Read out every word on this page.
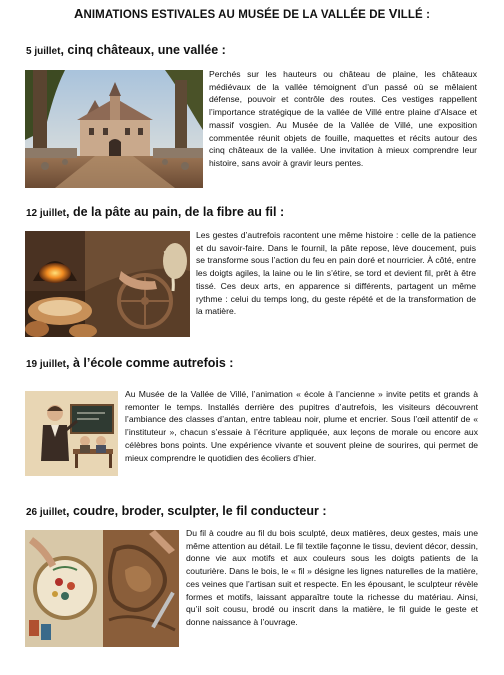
ANIMATIONS ESTIVALES AU MUSÉE DE LA VALLÉE DE VILLÉ :
5 juillet, cinq châteaux, une vallée :

Perchés sur les hauteurs ou château de plaine, les châteaux médiévaux de la vallée témoignent d’un passé où se mêlaient défense, pouvoir et contrôle des routes. Ces vestiges rappellent l’importance stratégique de la vallée de Villé entre plaine d’Alsace et massif vosgien. Au Musée de la Vallée de Villé, une exposition commentée réunit objets de fouille, maquettes et récits autour des cinq châteaux de la vallée. Une invitation à mieux comprendre leur histoire, sans avoir à gravir leurs pentes.

12 juillet, de la pâte au pain, de la fibre au fil :

Les gestes d’autrefois racontent une même histoire : celle de la patience et du savoir-faire. Dans le fournil, la pâte repose, lève doucement, puis se transforme sous l’action du feu en pain doré et nourricier. À côté, entre les doigts agiles, la laine ou le lin s’étire, se tord et devient fil, prêt à être tissé. Ces deux arts, en apparence si différents, partagent un même rythme : celui du temps long, du geste répété et de la transformation de la matière.

19 juillet, à l’école comme autrefois :

Au Musée de la Vallée de Villé, l’animation « école à l’ancienne » invite petits et grands à remonter le temps. Installés derrière des pupitres d’autrefois, les visiteurs découvrent l’ambiance des classes d’antan, entre tableau noir, plume et encrier. Sous l’œil attentif de « l’instituteur », chacun s’essaie à l’écriture appliquée, aux leçons de morale ou encore aux célèbres bons points. Une expérience vivante et souvent pleine de sourires, qui permet de mieux comprendre le quotidien des écoliers d’hier.

26 juillet, coudre, broder, sculpter, le fil conducteur :

Du fil à coudre au fil du bois sculpté, deux matières, deux gestes, mais une même attention au détail. Le fil textile façonne le tissu, devient décor, dessin, donne vie aux motifs et aux couleurs sous les doigts patients de la couturière. Dans le bois, le « fil » désigne les lignes naturelles de la matière, ces veines que l’artisan suit et respecte. En les épousant, le sculpteur révèle formes et motifs, laissant apparaître toute la richesse du matériau. Ainsi, qu’il soit cousu, brodé ou inscrit dans la matière, le fil guide le geste et donne naissance à l’ouvrage.
